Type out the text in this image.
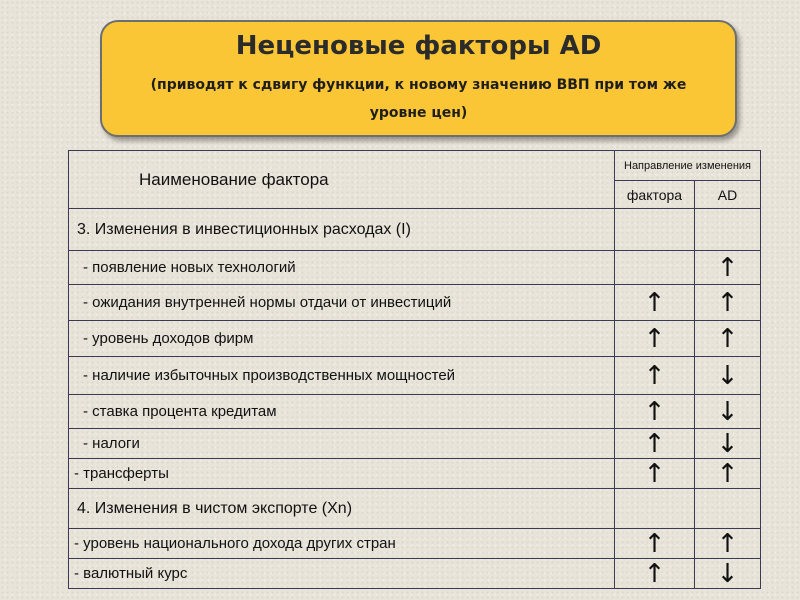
Неценовые факторы AD
(приводят к сдвигу функции, к новому значению ВВП при том же уровне цен)
Наименование фактора	Направление изменения	
	фактора	AD
3. Изменения в инвестиционных расходах (I)		
- появление новых технологий		↑
- ожидания внутренней нормы отдачи от инвестиций	↑	↑
- уровень доходов фирм	↑	↑
- наличие избыточных производственных мощностей	↑	↓
- ставка процента кредитам	↑	↓
- налоги	↑	↓
- трансферты	↑	↑
4. Изменения в чистом экспорте (Xn)		
- уровень национального дохода других стран	↑	↑
- валютный курс	↑	↓
